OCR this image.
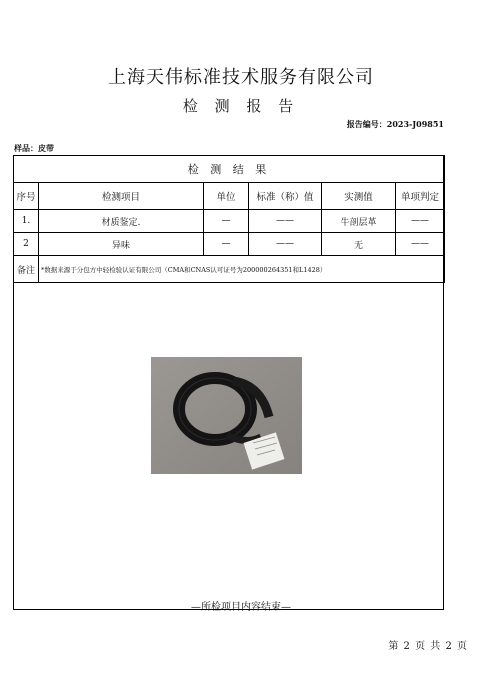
上海天伟标准技术服务有限公司
检 测 报 告
报告编号：2023-J09851
样品：皮带
检 测 结 果					
序号	检测项目	单位	标准（称）值	实测值	单项判定
1.	材质鉴定.	—	——	牛剖层革	——
2	异味	—	——	无	——
备注	*数据来源于分包方中轻检验认证有限公司（CMA和CNAS认可证号为200000264351和L1428）				
—所检项目内容结束—
第 2 页 共 2 页
